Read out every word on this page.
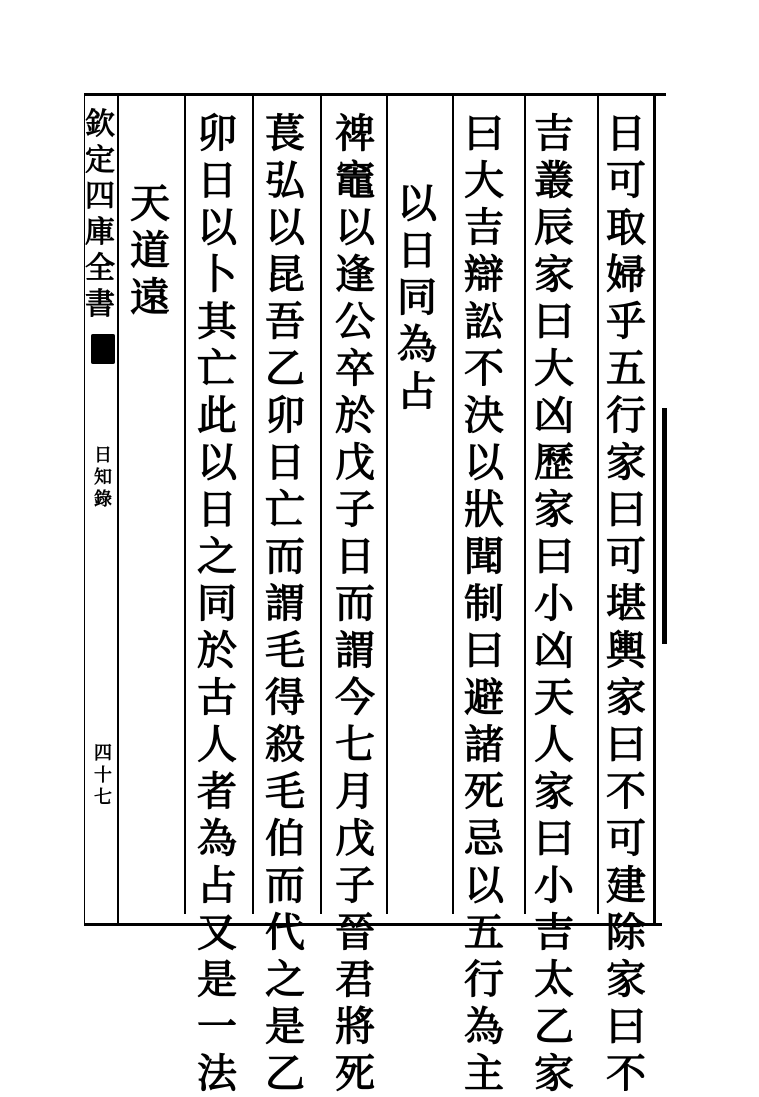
欽
定
四
庫
全
書
日
知
錄
四
十
七
日
可
取
婦
乎
五
行
家
曰
可
堪
輿
家
曰
不
可
建
除
家
曰
不
吉
叢
辰
家
曰
大
凶
歷
家
曰
小
凶
天
人
家
曰
小
吉
太
乙
家
曰
大
吉
辯
訟
不
決
以
狀
聞
制
曰
避
諸
死
忌
以
五
行
為
主
以
日
同
為
占
禆
竈
以
逢
公
卒
於
戊
子
日
而
謂
今
七
月
戊
子
晉
君
將
死
萇
弘
以
昆
吾
乙
卯
日
亡
而
謂
毛
得
殺
毛
伯
而
代
之
是
乙
卯
日
以
卜
其
亡
此
以
日
之
同
於
古
人
者
為
占
又
是
一
法
天
道
遠
